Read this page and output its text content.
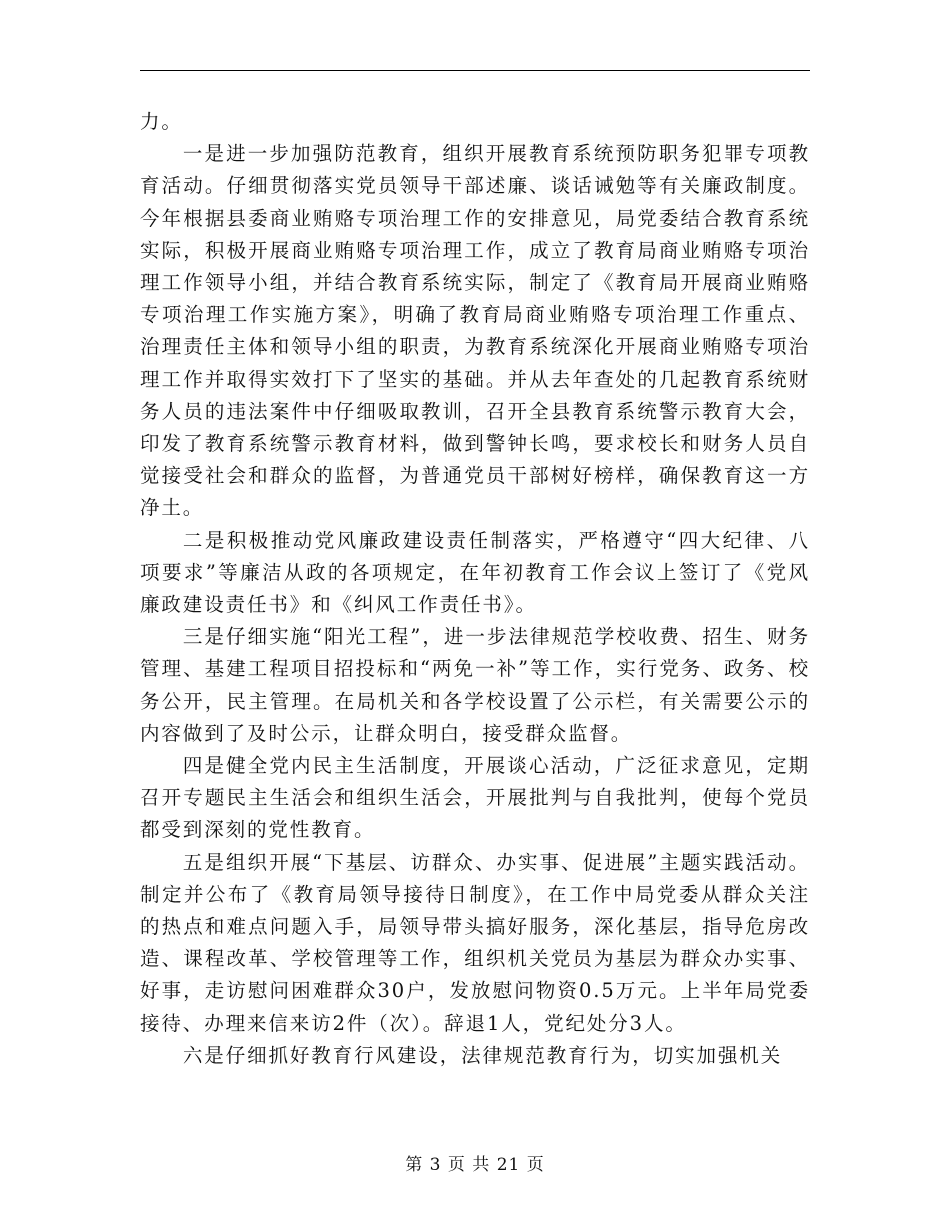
力。

一是进一步加强防范教育，组织开展教育系统预防职务犯罪专项教育活动。仔细贯彻落实党员领导干部述廉、谈话诫勉等有关廉政制度。今年根据县委商业贿赂专项治理工作的安排意见，局党委结合教育系统实际，积极开展商业贿赂专项治理工作，成立了教育局商业贿赂专项治理工作领导小组，并结合教育系统实际，制定了《教育局开展商业贿赂专项治理工作实施方案》，明确了教育局商业贿赂专项治理工作重点、治理责任主体和领导小组的职责，为教育系统深化开展商业贿赂专项治理工作并取得实效打下了坚实的基础。并从去年查处的几起教育系统财务人员的违法案件中仔细吸取教训，召开全县教育系统警示教育大会，印发了教育系统警示教育材料，做到警钟长鸣，要求校长和财务人员自觉接受社会和群众的监督，为普通党员干部树好榜样，确保教育这一方净土。

二是积极推动党风廉政建设责任制落实，严格遵守“四大纪律、八项要求”等廉洁从政的各项规定，在年初教育工作会议上签订了《党风廉政建设责任书》和《纠风工作责任书》。

三是仔细实施“阳光工程”，进一步法律规范学校收费、招生、财务管理、基建工程项目招投标和“两免一补”等工作，实行党务、政务、校务公开，民主管理。在局机关和各学校设置了公示栏，有关需要公示的内容做到了及时公示，让群众明白，接受群众监督。

四是健全党内民主生活制度，开展谈心活动，广泛征求意见，定期召开专题民主生活会和组织生活会，开展批判与自我批判，使每个党员都受到深刻的党性教育。

五是组织开展“下基层、访群众、办实事、促进展”主题实践活动。制定并公布了《教育局领导接待日制度》，在工作中局党委从群众关注的热点和难点问题入手，局领导带头搞好服务，深化基层，指导危房改造、课程改革、学校管理等工作，组织机关党员为基层为群众办实事、好事，走访慰问困难群众30户，发放慰问物资0.5万元。上半年局党委接待、办理来信来访2件（次）。辞退1人，党纪处分3人。

六是仔细抓好教育行风建设，法律规范教育行为，切实加强机关

第 3 页 共 21 页
